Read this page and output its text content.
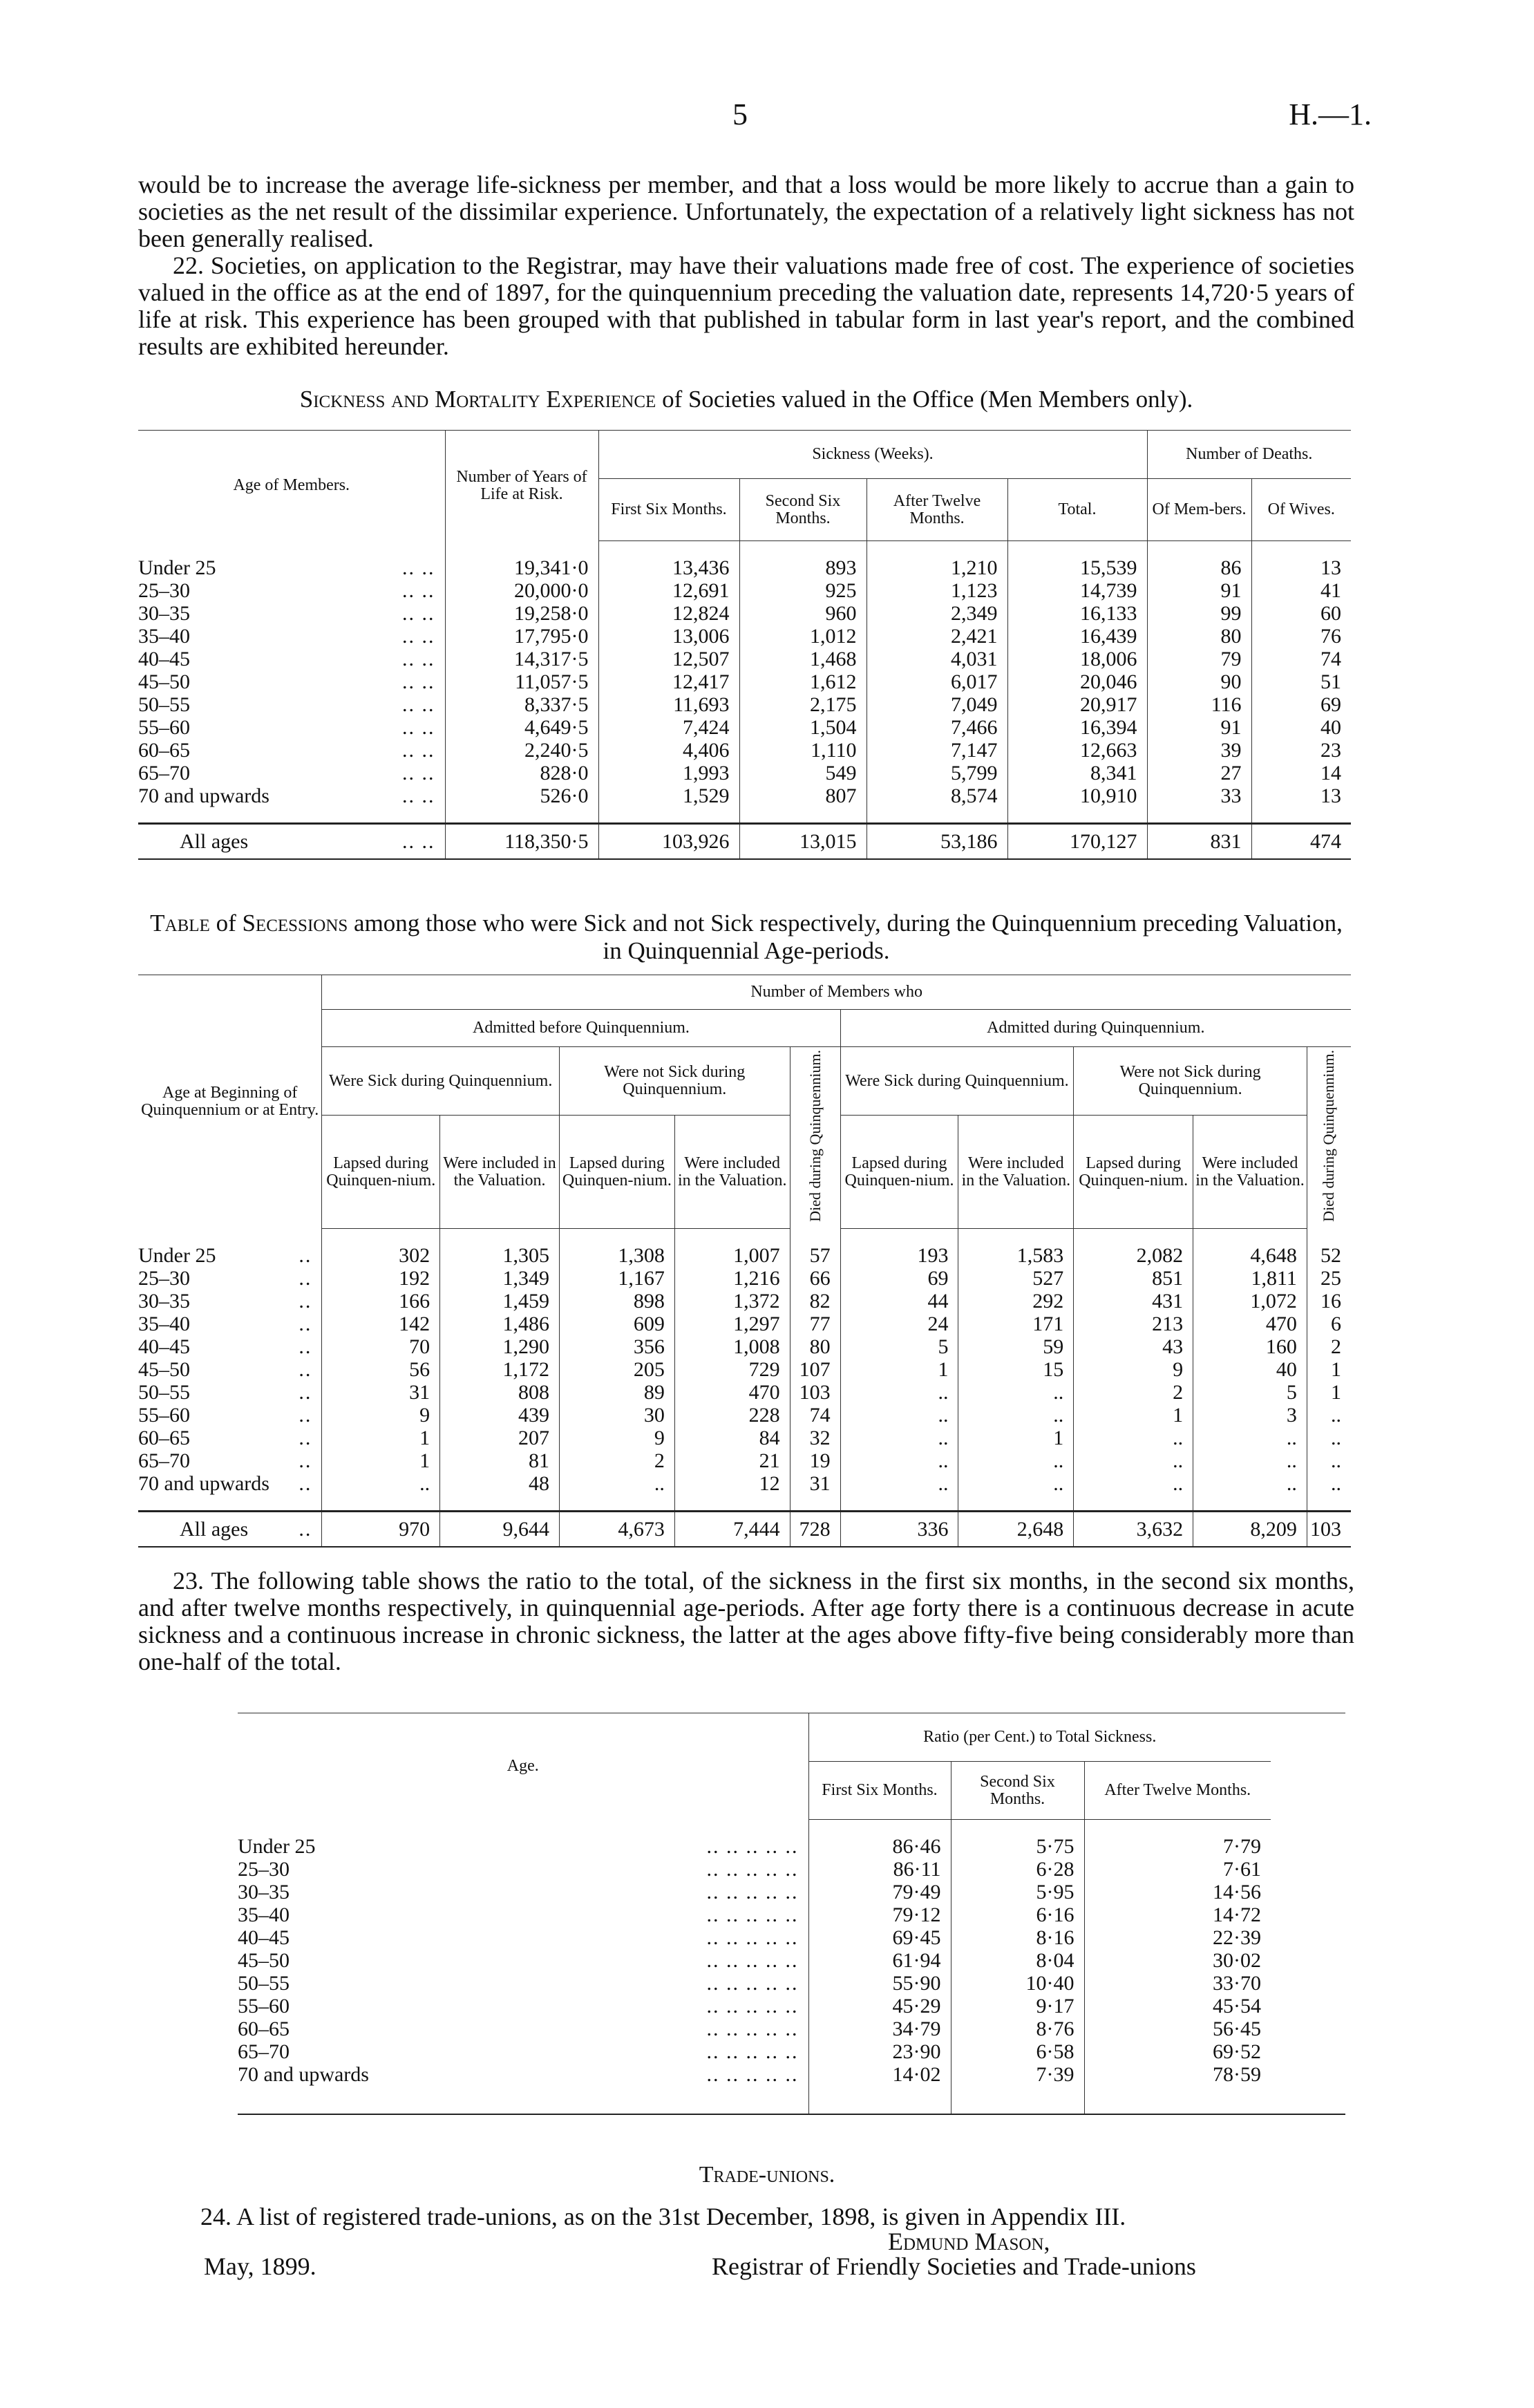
5	H.—1.

would be to increase the average life-sickness per member, and that a loss would be more likely to accrue than a gain to societies as the net result of the dissimilar experience. Unfortunately, the expectation of a relatively light sickness has not been generally realised.

22. Societies, on application to the Registrar, may have their valuations made free of cost. The experience of societies valued in the office as at the end of 1897, for the quinquennium preceding the valuation date, represents 14,720·5 years of life at risk. This experience has been grouped with that published in tabular form in last year's report, and the combined results are exhibited hereunder.

Sickness and Mortality Experience of Societies valued in the Office (Men Members only).
Age of Members.	Number of Years of Life at Risk.	Sickness (Weeks).				Number of Deaths.	
		First Six Months.	Second Six Months.	After Twelve Months.	Total.	Of Mem-bers.	Of Wives.

Under 25 .. ..	19,341·0	13,436	893	1,210	15,539	86	13
25–30 .. ..	20,000·0	12,691	925	1,123	14,739	91	41
30–35 .. ..	19,258·0	12,824	960	2,349	16,133	99	60
35–40 .. ..	17,795·0	13,006	1,012	2,421	16,439	80	76
40–45 .. ..	14,317·5	12,507	1,468	4,031	18,006	79	74
45–50 .. ..	11,057·5	12,417	1,612	6,017	20,046	90	51
50–55 .. ..	8,337·5	11,693	2,175	7,049	20,917	116	69
55–60 .. ..	4,649·5	7,424	1,504	7,466	16,394	91	40
60–65 .. ..	2,240·5	4,406	1,110	7,147	12,663	39	23
65–70 .. ..	828·0	1,993	549	5,799	8,341	27	14
70 and upwards .. ..	526·0	1,529	807	8,574	10,910	33	13

All ages .. ..	118,350·5	103,926	13,015	53,186	170,127	831	474
Table of Secessions among those who were Sick and not Sick respectively, during the Quinquennium preceding Valuation, in Quinquennial Age-periods.
Age at Beginning of Quinquennium or at Entry.	Number of Members who									
	Admitted before Quinquennium.					Admitted during Quinquennium.				
	Were Sick during Quinquennium.		Were not Sick during Quinquennium.		Died during Quinquennium.	Were Sick during Quinquennium.		Were not Sick during Quinquennium.		Died during Quinquennium.
	Lapsed during Quinquen-nium.	Were included in the Valuation.	Lapsed during Quinquen-nium.	Were included in the Valuation.		Lapsed during Quinquen-nium.	Were included in the Valuation.	Lapsed during Quinquen-nium.	Were included in the Valuation.	

Under 25 ..	302	1,305	1,308	1,007	57	193	1,583	2,082	4,648	52
25–30 ..	192	1,349	1,167	1,216	66	69	527	851	1,811	25
30–35 ..	166	1,459	898	1,372	82	44	292	431	1,072	16
35–40 ..	142	1,486	609	1,297	77	24	171	213	470	6
40–45 ..	70	1,290	356	1,008	80	5	59	43	160	2
45–50 ..	56	1,172	205	729	107	1	15	9	40	1
50–55 ..	31	808	89	470	103	..	..	2	5	1
55–60 ..	9	439	30	228	74	..	..	1	3	..
60–65 ..	1	207	9	84	32	..	1	..	..	..
65–70 ..	1	81	2	21	19	..	..	..	..	..
70 and upwards ..	..	48	..	12	31	..	..	..	..	..

All ages ..	970	9,644	4,673	7,444	728	336	2,648	3,632	8,209	103

23. The following table shows the ratio to the total, of the sickness in the first six months, in the second six months, and after twelve months respectively, in quinquennial age-periods. After age forty there is a continuous decrease in acute sickness and a continuous increase in chronic sickness, the latter at the ages above fifty-five being considerably more than one-half of the total.

Age.	Ratio (per Cent.) to Total Sickness.			
	First Six Months.	Second Six Months.	After Twelve Months.	

Under 25 .. .. .. .. ..	86·46	5·75	7·79	
25–30 .. .. .. .. ..	86·11	6·28	7·61	
30–35 .. .. .. .. ..	79·49	5·95	14·56	
35–40 .. .. .. .. ..	79·12	6·16	14·72	
40–45 .. .. .. .. ..	69·45	8·16	22·39	
45–50 .. .. .. .. ..	61·94	8·04	30·02	
50–55 .. .. .. .. ..	55·90	10·40	33·70	
55–60 .. .. .. .. ..	45·29	9·17	45·54	
60–65 .. .. .. .. ..	34·79	8·76	56·45	
65–70 .. .. .. .. ..	23·90	6·58	69·52	
70 and upwards .. .. .. .. ..	14·02	7·39	78·59	

Trade-unions.
24. A list of registered trade-unions, as on the 31st December, 1898, is given in Appendix III.
Edmund Mason,
Registrar of Friendly Societies and Trade-unions
May, 1899.
